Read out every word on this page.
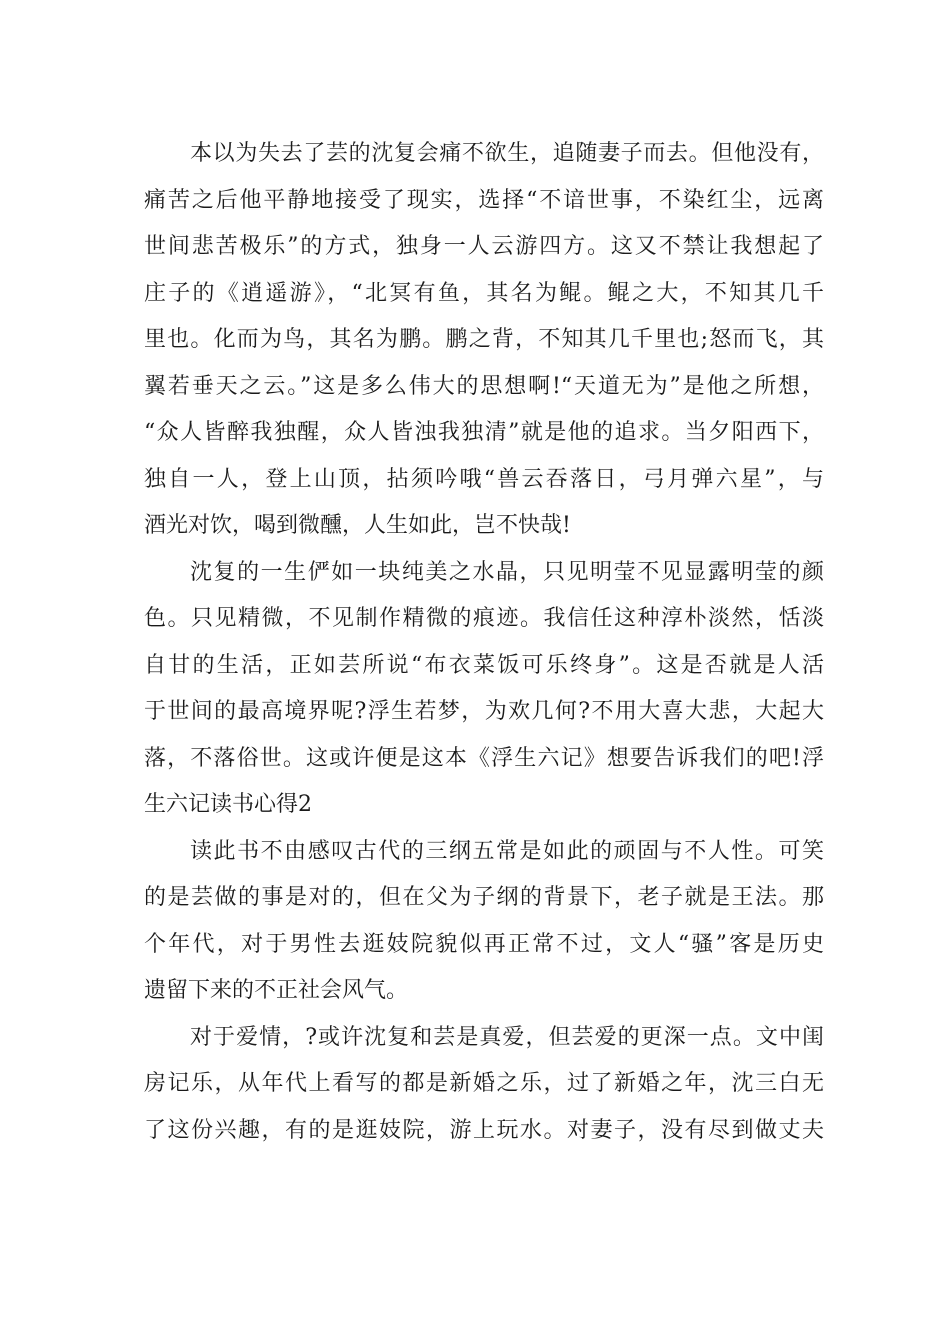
本以为失去了芸的沈复会痛不欲生，追随妻子而去。但他没有，
痛苦之后他平静地接受了现实，选择“不谙世事，不染红尘，远离
世间悲苦极乐”的方式，独身一人云游四方。这又不禁让我想起了
庄子的《逍遥游》，“北冥有鱼，其名为鲲。鲲之大，不知其几千
里也。化而为鸟，其名为鹏。鹏之背，不知其几千里也;怒而飞，其
翼若垂天之云。”这是多么伟大的思想啊!“天道无为”是他之所想，
“众人皆醉我独醒，众人皆浊我独清”就是他的追求。当夕阳西下，
独自一人，登上山顶，拈须吟哦“兽云吞落日，弓月弹六星”，与
酒光对饮，喝到微醺，人生如此，岂不快哉!
沈复的一生俨如一块纯美之水晶，只见明莹不见显露明莹的颜
色。只见精微，不见制作精微的痕迹。我信任这种淳朴淡然，恬淡
自甘的生活，正如芸所说“布衣菜饭可乐终身”。这是否就是人活
于世间的最高境界呢?浮生若梦，为欢几何?不用大喜大悲，大起大
落，不落俗世。这或许便是这本《浮生六记》想要告诉我们的吧!浮
生六记读书心得2
读此书不由感叹古代的三纲五常是如此的顽固与不人性。可笑
的是芸做的事是对的，但在父为子纲的背景下，老子就是王法。那
个年代，对于男性去逛妓院貌似再正常不过，文人“骚”客是历史
遗留下来的不正社会风气。
对于爱情，?或许沈复和芸是真爱，但芸爱的更深一点。文中闺
房记乐，从年代上看写的都是新婚之乐，过了新婚之年，沈三白无
了这份兴趣，有的是逛妓院，游上玩水。对妻子，没有尽到做丈夫
